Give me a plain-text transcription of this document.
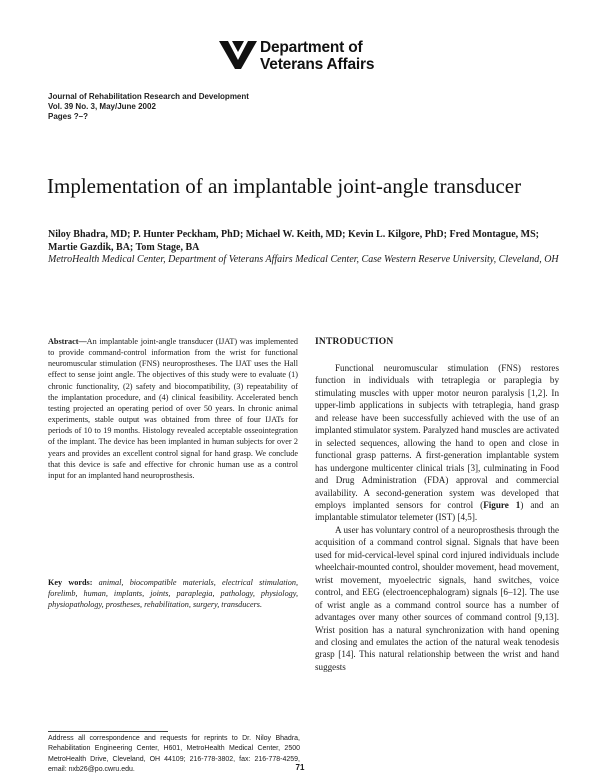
Department of
Veterans Affairs
Journal of Rehabilitation Research and Development
Vol. 39 No. 3, May/June 2002
Pages ?–?
Implementation of an implantable joint-angle transducer
Niloy Bhadra, MD; P. Hunter Peckham, PhD; Michael W. Keith, MD; Kevin L. Kilgore, PhD; Fred Montague, MS; Martie Gazdik, BA; Tom Stage, BA
MetroHealth Medical Center, Department of Veterans Affairs Medical Center, Case Western Reserve University, Cleveland, OH
Abstract—An implantable joint-angle transducer (IJAT) was implemented to provide command-control information from the wrist for functional neuromuscular stimulation (FNS) neuroprostheses. The IJAT uses the Hall effect to sense joint angle. The objectives of this study were to evaluate (1) chronic functionality, (2) safety and biocompatibility, (3) repeatability of the implantation procedure, and (4) clinical feasibility. Accelerated bench testing projected an operating period of over 50 years. In chronic animal experiments, stable output was obtained from three of four IJATs for periods of 10 to 19 months. Histology revealed acceptable osseointegration of the implant. The device has been implanted in human subjects for over 2 years and provides an excellent control signal for hand grasp. We conclude that this device is safe and effective for chronic human use as a control input for an implanted hand neuroprosthesis.
Key words: animal, biocompatible materials, electrical stimulation, forelimb, human, implants, joints, paraplegia, pathology, physiology, physiopathology, prostheses, rehabilitation, surgery, transducers.
Address all correspondence and requests for reprints to Dr. Niloy Bhadra, Rehabilitation Engineering Center, H601, MetroHealth Medical Center, 2500 MetroHealth Drive, Cleveland, OH 44109; 216-778-3802, fax: 216-778-4259, email: nxb26@po.cwru.edu.
INTRODUCTION

Functional neuromuscular stimulation (FNS) restores function in individuals with tetraplegia or paraplegia by stimulating muscles with upper motor neuron paralysis [1,2]. In upper-limb applications in subjects with tetraplegia, hand grasp and release have been successfully achieved with the use of an implanted stimulator system. Paralyzed hand muscles are activated in selected sequences, allowing the hand to open and close in functional grasp patterns. A first-generation implantable system has undergone multicenter clinical trials [3], culminating in Food and Drug Administration (FDA) approval and commercial availability. A second-generation system was developed that employs implanted sensors for control (Figure 1) and an implantable stimulator telemeter (IST) [4,5].

A user has voluntary control of a neuroprosthesis through the acquisition of a command control signal. Signals that have been used for mid-cervical-level spinal cord injured individuals include wheelchair-mounted control, shoulder movement, head movement, wrist movement, myoelectric signals, hand switches, voice control, and EEG (electroencephalogram) signals [6–12]. The use of wrist angle as a command control source has a number of advantages over many other sources of command control [9,13]. Wrist position has a natural synchronization with hand opening and closing and emulates the action of the natural weak tenodesis grasp [14]. This natural relationship between the wrist and hand suggests

71
